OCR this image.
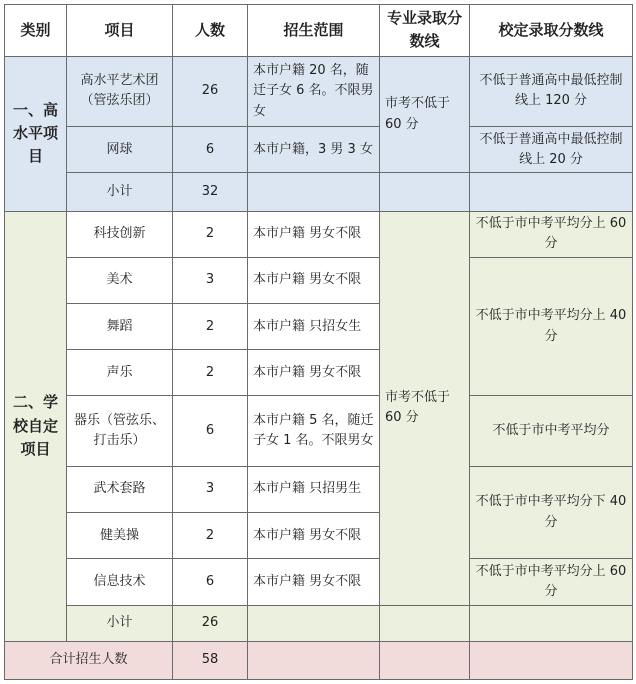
类别	项目	人数	招生范围	专业录取分数线	校定录取分数线
一、高水平项目	高水平艺术团（管弦乐团）	26	本市户籍 20 名，随迁子女 6 名。不限男女	市考不低于 60 分	不低于普通高中最低控制线上 120 分
	网球	6	本市户籍，3 男 3 女		不低于普通高中最低控制线上 20 分
	小计	32			
二、学校自定项目	科技创新	2	本市户籍 男女不限	市考不低于 60 分	不低于市中考平均分上 60 分
	美术	3	本市户籍 男女不限		不低于市中考平均分上 40 分
	舞蹈	2	本市户籍 只招女生		
	声乐	2	本市户籍 男女不限		
	器乐（管弦乐、打击乐）	6	本市户籍 5 名，随迁子女 1 名。不限男女		不低于市中考平均分
	武术套路	3	本市户籍 只招男生		不低于市中考平均分下 40 分
	健美操	2	本市户籍 男女不限		
	信息技术	6	本市户籍 男女不限		不低于市中考平均分上 60 分
	小计	26			
合计招生人数		58			
